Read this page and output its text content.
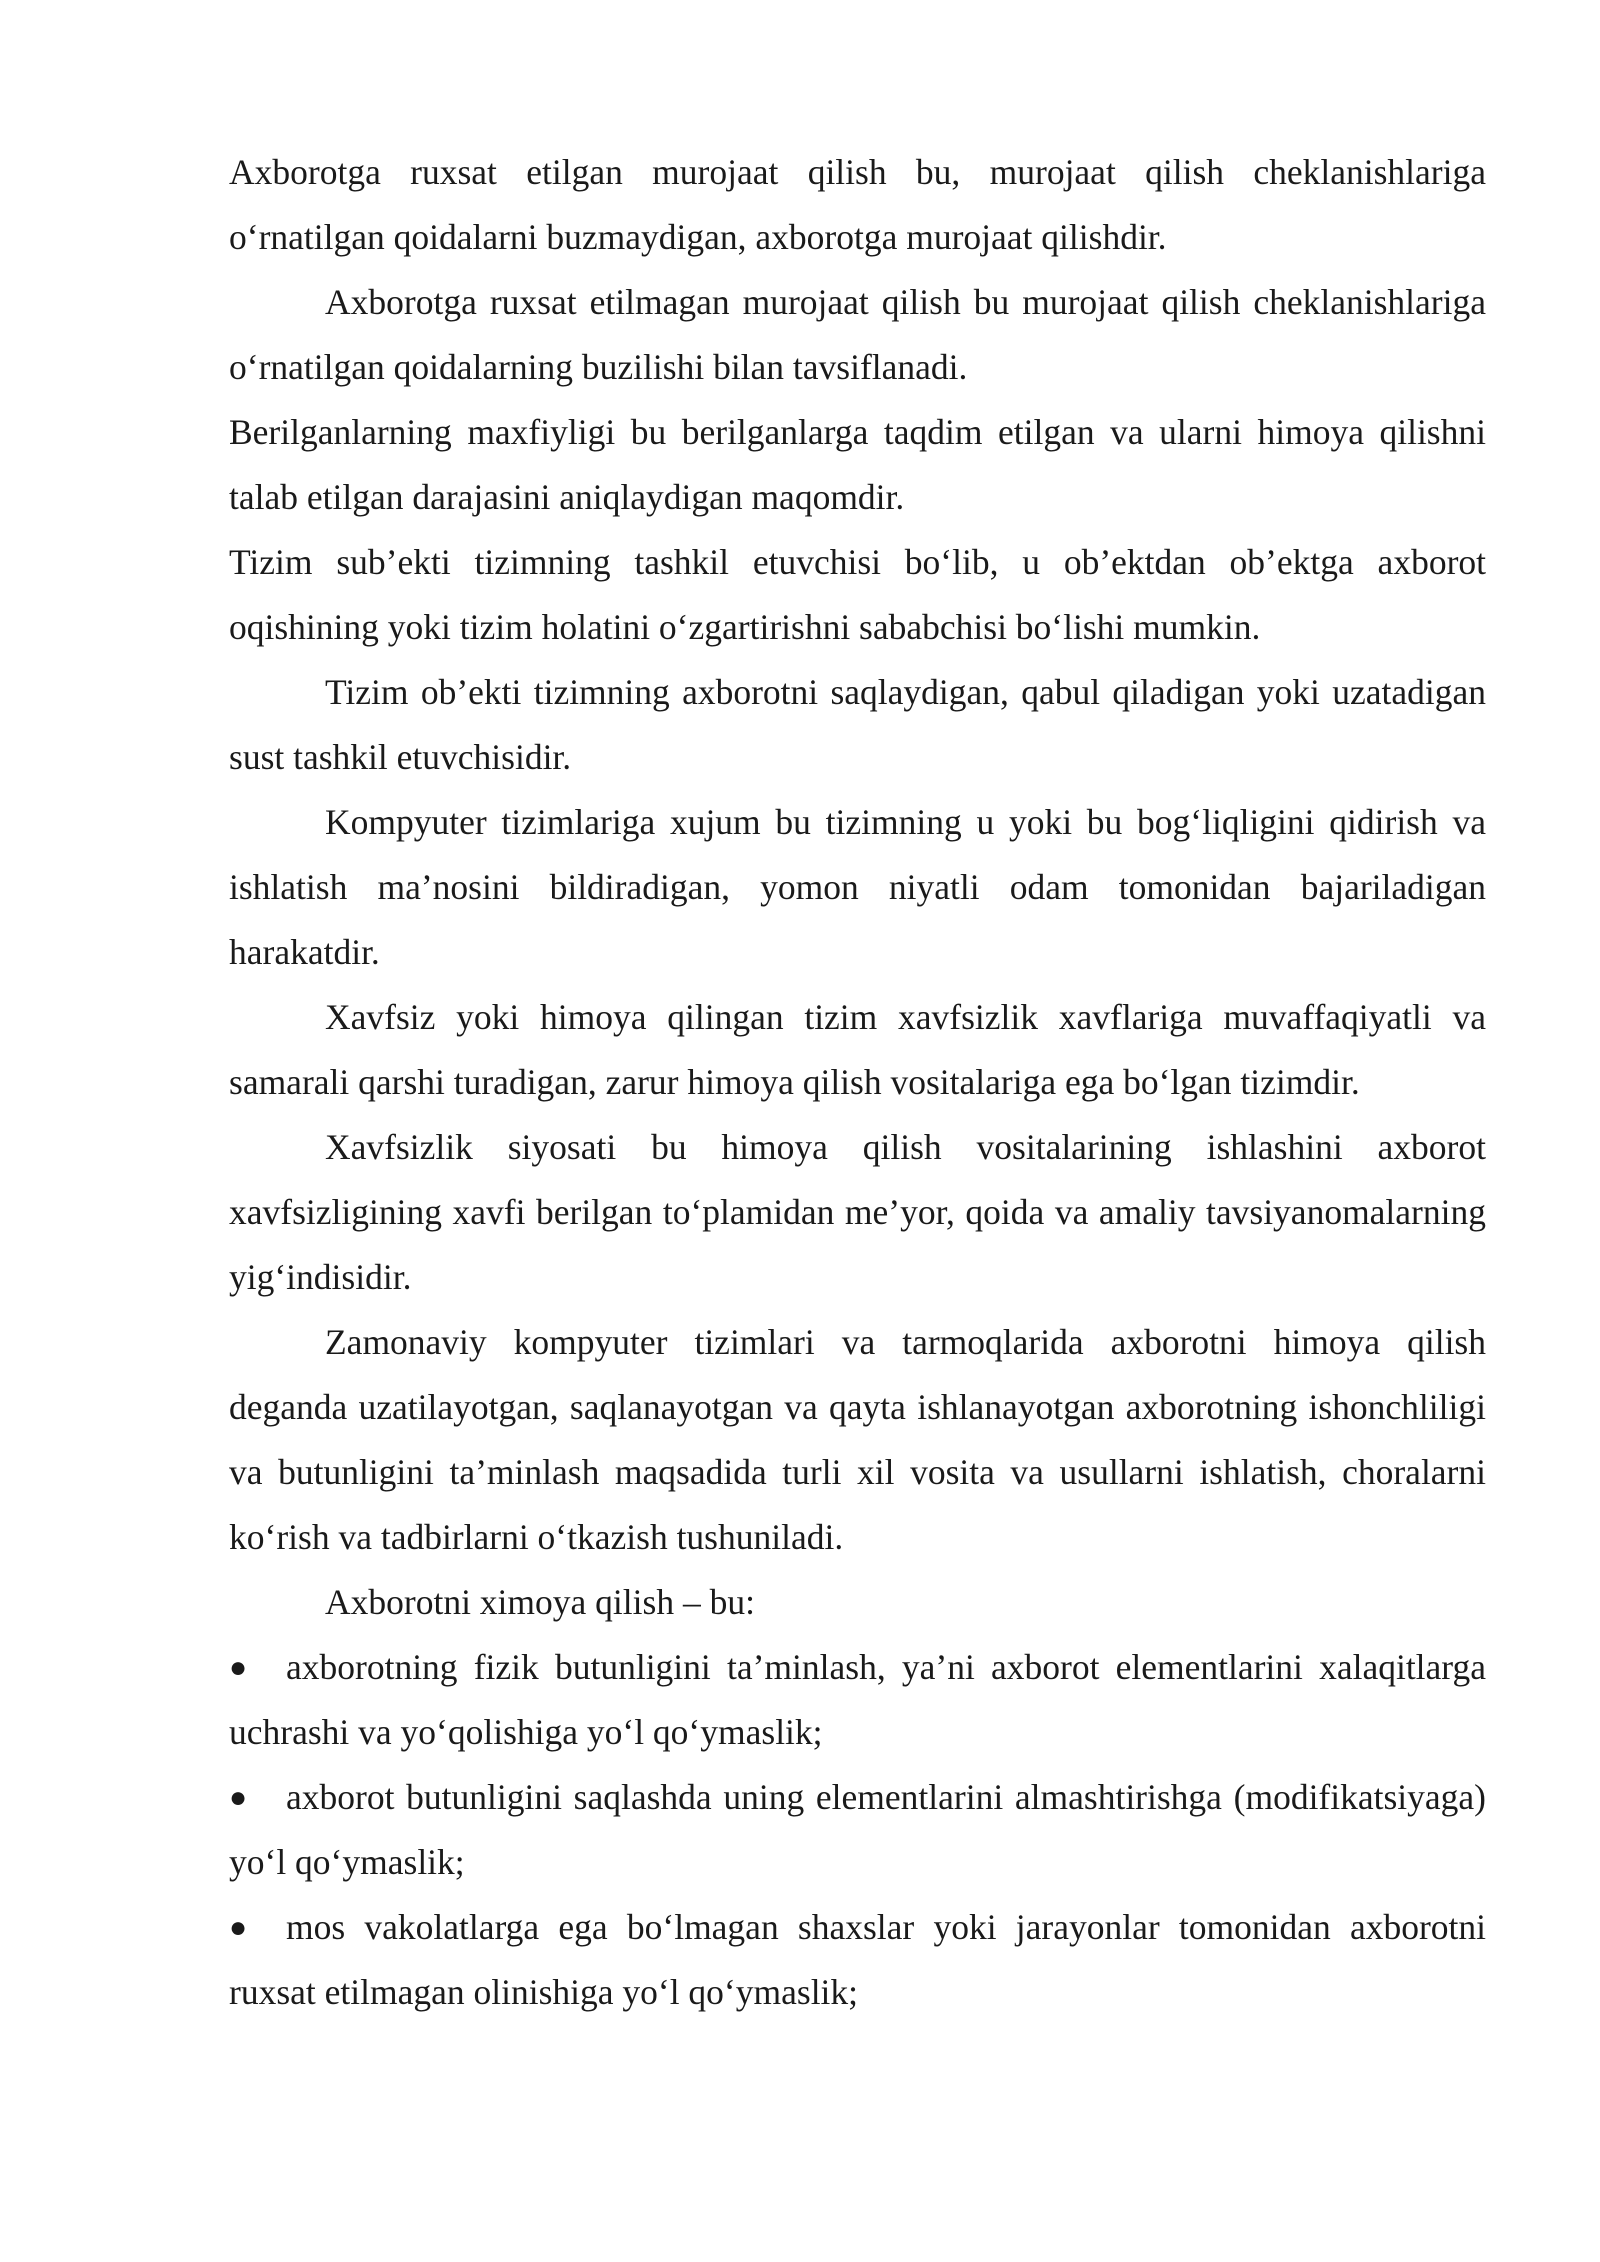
Axborotga ruxsat etilgan murojaat qilish bu, murojaat qilish cheklanishlariga oʻrnatilgan qoidalarni buzmaydigan, axborotga murojaat qilishdir.

Axborotga ruxsat etilmagan murojaat qilish bu murojaat qilish cheklanishlariga oʻrnatilgan qoidalarning buzilishi bilan tavsiflanadi.

Berilganlarning maxfiyligi bu berilganlarga taqdim etilgan va ularni himoya qilishni talab etilgan darajasini aniqlaydigan maqomdir.

Tizim sub’ekti tizimning tashkil etuvchisi boʻlib, u ob’ektdan ob’ektga axborot oqishining yoki tizim holatini oʻzgartirishni sababchisi boʻlishi mumkin.

Tizim ob’ekti tizimning axborotni saqlaydigan, qabul qiladigan yoki uzatadigan sust tashkil etuvchisidir.

Kompyuter tizimlariga xujum bu tizimning u yoki bu bogʻliqligini qidirish va ishlatish ma’nosini bildiradigan, yomon niyatli odam tomonidan bajariladigan harakatdir.

Xavfsiz yoki himoya qilingan tizim xavfsizlik xavflariga muvaffaqiyatli va samarali qarshi turadigan, zarur himoya qilish vositalariga ega boʻlgan tizimdir.

Xavfsizlik siyosati bu himoya qilish vositalarining ishlashini axborot xavfsizligining xavfi berilgan toʻplamidan me’yor, qoida va amaliy tavsiyanomalarning yigʻindisidir.

Zamonaviy kompyuter tizimlari va tarmoqlarida axborotni himoya qilish deganda uzatilayotgan, saqlanayotgan va qayta ishlanayotgan axborotning ishonchliligi va butunligini ta’minlash maqsadida turli xil vosita va usullarni ishlatish, choralarni koʻrish va tadbirlarni oʻtkazish tushuniladi.

Axborotni ximoya qilish – bu:

● axborotning fizik butunligini ta’minlash, ya’ni axborot elementlarini xalaqitlarga uchrashi va yoʻqolishiga yoʻl qoʻymaslik;

● axborot butunligini saqlashda uning elementlarini almashtirishga (modifikatsiyaga) yoʻl qoʻymaslik;

● mos vakolatlarga ega boʻlmagan shaxslar yoki jarayonlar tomonidan axborotni ruxsat etilmagan olinishiga yoʻl qoʻymaslik;
